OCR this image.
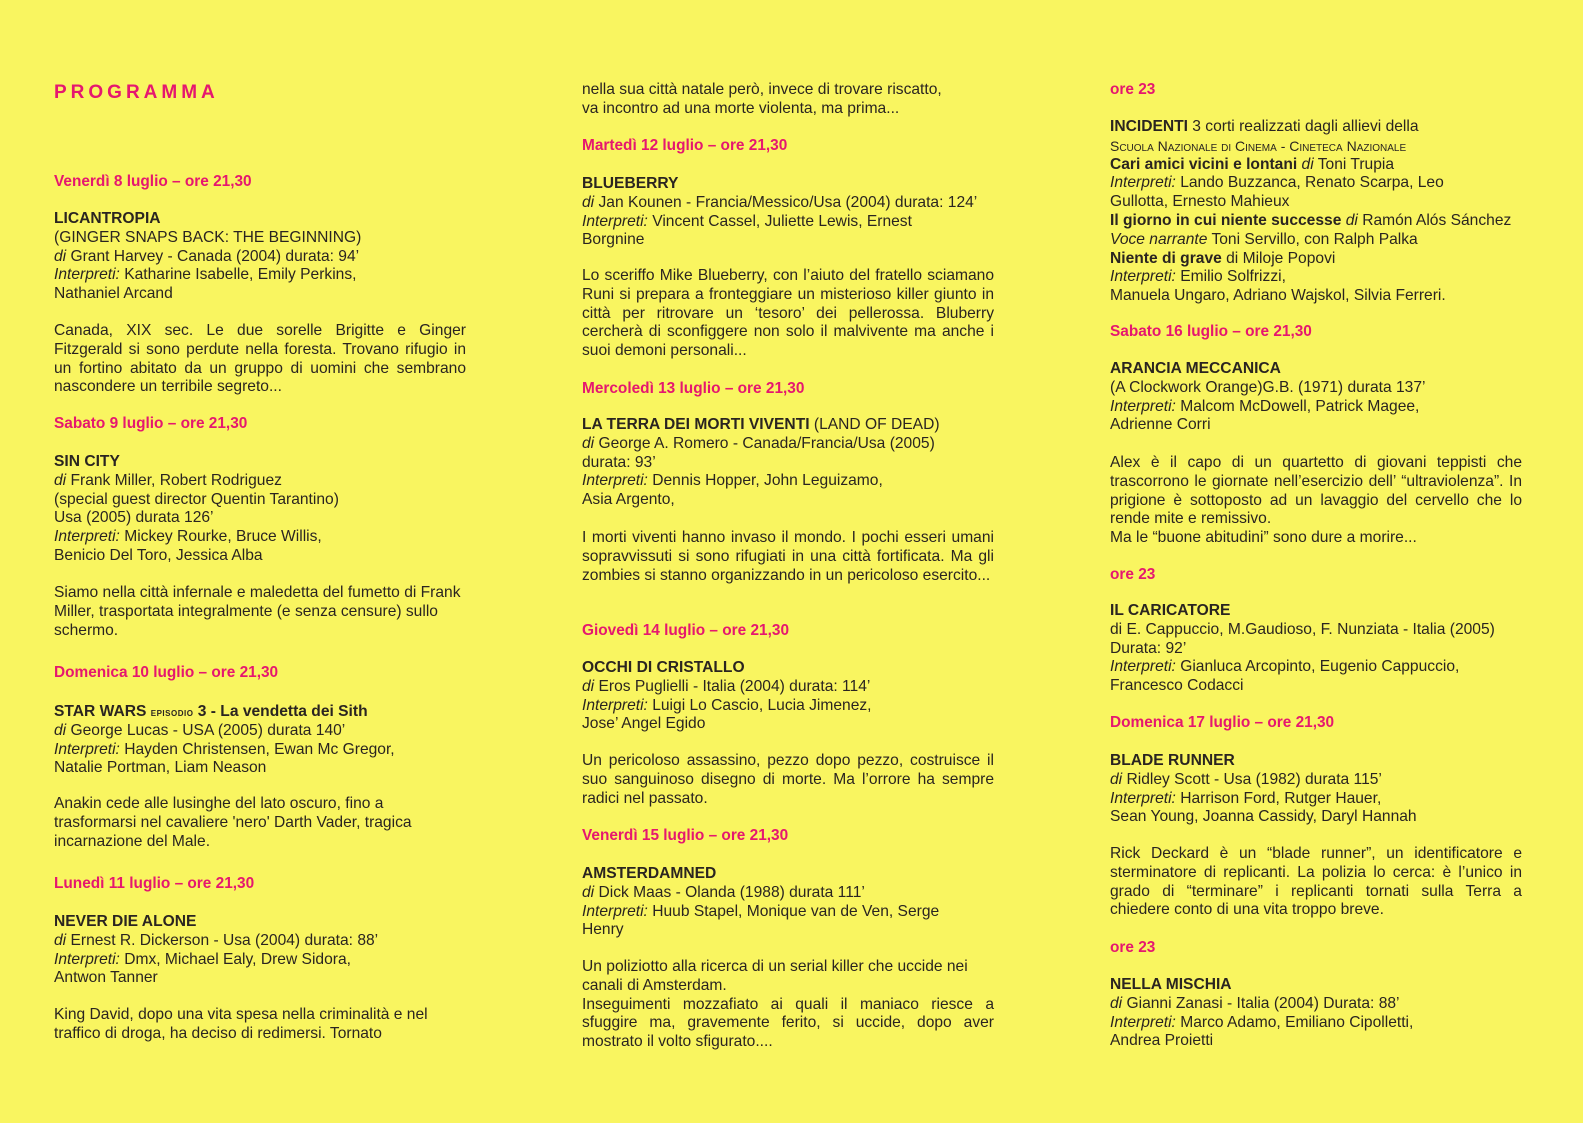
PROGRAMMA
Venerdì 8 luglio – ore 21,30
LICANTROPIA
(GINGER SNAPS BACK: THE BEGINNING)
di Grant Harvey - Canada (2004) durata: 94’
Interpreti: Katharine Isabelle, Emily Perkins,
Nathaniel Arcand
Canada, XIX sec. Le due sorelle Brigitte e Ginger Fitzgerald si sono perdute nella foresta. Trovano rifugio in un fortino abitato da un gruppo di uomini che sembrano nascondere un terribile segreto...
Sabato 9 luglio – ore 21,30
SIN CITY
di Frank Miller, Robert Rodriguez
(special guest director Quentin Tarantino)
Usa (2005) durata 126’
Interpreti: Mickey Rourke, Bruce Willis,
Benicio Del Toro, Jessica Alba
Siamo nella città infernale e maledetta del fumetto di Frank Miller, trasportata integralmente (e senza censure) sullo schermo.
Domenica 10 luglio – ore 21,30
STAR WARS episodio 3 - La vendetta dei Sith
di George Lucas - USA (2005) durata 140’
Interpreti: Hayden Christensen, Ewan Mc Gregor,
Natalie Portman, Liam Neason
Anakin cede alle lusinghe del lato oscuro, fino a trasformarsi nel cavaliere 'nero' Darth Vader, tragica incarnazione del Male.
Lunedì 11 luglio – ore 21,30
NEVER DIE ALONE
di Ernest R. Dickerson - Usa (2004) durata: 88’
Interpreti: Dmx, Michael Ealy, Drew Sidora,
Antwon Tanner
King David, dopo una vita spesa nella criminalità e nel traffico di droga, ha deciso di redimersi. Tornato
nella sua città natale però, invece di trovare riscatto,
va incontro ad una morte violenta, ma prima...
Martedì 12 luglio – ore 21,30
BLUEBERRY
di Jan Kounen - Francia/Messico/Usa (2004) durata: 124’
Interpreti: Vincent Cassel, Juliette Lewis, Ernest
Borgnine
Lo sceriffo Mike Blueberry, con l’aiuto del fratello sciamano Runi si prepara a fronteggiare un misterioso killer giunto in città per ritrovare un ‘tesoro’ dei pellerossa. Bluberry cercherà di sconfiggere non solo il malvivente ma anche i suoi demoni personali...
Mercoledì 13 luglio – ore 21,30
LA TERRA DEI MORTI VIVENTI (LAND OF DEAD)
di George A. Romero - Canada/Francia/Usa (2005)
durata: 93’
Interpreti: Dennis Hopper, John Leguizamo,
Asia Argento,
I morti viventi hanno invaso il mondo. I pochi esseri umani sopravvissuti si sono rifugiati in una città fortificata. Ma gli zombies si stanno organizzando in un pericoloso esercito...
Giovedì 14 luglio – ore 21,30
OCCHI DI CRISTALLO
di Eros Puglielli - Italia (2004) durata: 114’
Interpreti: Luigi Lo Cascio, Lucia Jimenez,
Jose’ Angel Egido
Un pericoloso assassino, pezzo dopo pezzo, costruisce il suo sanguinoso disegno di morte. Ma l’orrore ha sempre radici nel passato.
Venerdì 15 luglio – ore 21,30
AMSTERDAMNED
di Dick Maas - Olanda (1988) durata 111’
Interpreti: Huub Stapel, Monique van de Ven, Serge
Henry
Un poliziotto alla ricerca di un serial killer che uccide nei canali di Amsterdam.
Inseguimenti mozzafiato ai quali il maniaco riesce a sfuggire ma, gravemente ferito, si uccide, dopo aver mostrato il volto sfigurato....
ore 23
INCIDENTI 3 corti realizzati dagli allievi della
Scuola Nazionale di Cinema - Cineteca Nazionale
Cari amici vicini e lontani di Toni Trupia
Interpreti: Lando Buzzanca, Renato Scarpa, Leo
Gullotta, Ernesto Mahieux
Il giorno in cui niente successe di Ramón Alós Sánchez
Voce narrante Toni Servillo, con Ralph Palka
Niente di grave di Miloje Popovi
Interpreti: Emilio Solfrizzi,
Manuela Ungaro, Adriano Wajskol, Silvia Ferreri.
Sabato 16 luglio – ore 21,30
ARANCIA MECCANICA
(A Clockwork Orange)G.B. (1971) durata 137’
Interpreti: Malcom McDowell, Patrick Magee,
Adrienne Corri
Alex è il capo di un quartetto di giovani teppisti che trascorrono le giornate nell’esercizio dell’ “ultraviolenza”. In prigione è sottoposto ad un lavaggio del cervello che lo rende mite e remissivo.
Ma le “buone abitudini” sono dure a morire...
ore 23
IL CARICATORE
di E. Cappuccio, M.Gaudioso, F. Nunziata - Italia (2005)
Durata: 92’
Interpreti: Gianluca Arcopinto, Eugenio Cappuccio,
Francesco Codacci
Domenica 17 luglio – ore 21,30
BLADE RUNNER
di Ridley Scott - Usa (1982) durata 115’
Interpreti: Harrison Ford, Rutger Hauer,
Sean Young, Joanna Cassidy, Daryl Hannah
Rick Deckard è un “blade runner”, un identificatore e sterminatore di replicanti. La polizia lo cerca: è l’unico in grado di “terminare” i replicanti tornati sulla Terra a chiedere conto di una vita troppo breve.
ore 23
NELLA MISCHIA
di Gianni Zanasi - Italia (2004) Durata: 88’
Interpreti: Marco Adamo, Emiliano Cipolletti,
Andrea Proietti
